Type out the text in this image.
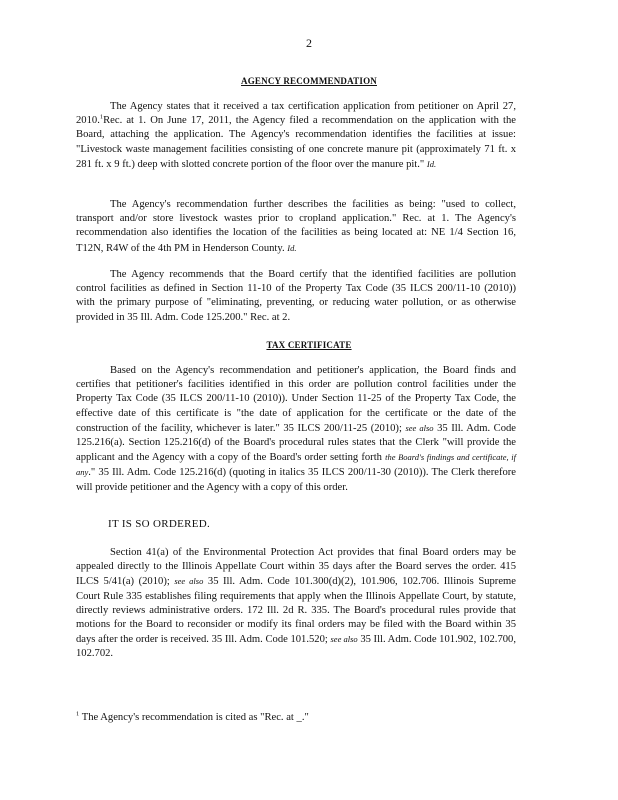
2
AGENCY RECOMMENDATION
The Agency states that it received a tax certification application from petitioner on April 27, 2010.$^1$Rec. at 1. On June 17, 2011, the Agency filed a recommendation on the application with the Board, attaching the application. The Agency's recommendation identifies the facilities at issue: "Livestock waste management facilities consisting of one concrete manure pit (approximately 71 ft. x 281 ft. x 9 ft.) deep with slotted concrete portion of the floor over the manure pit." Id.
The Agency's recommendation further describes the facilities as being: "used to collect, transport and/or store livestock wastes prior to cropland application." Rec. at 1. The Agency's recommendation also identifies the location of the facilities as being located at: NE 1/4 Section 16, T12N, R4W of the 4th PM in Henderson County. Id.
The Agency recommends that the Board certify that the identified facilities are pollution control facilities as defined in Section 11-10 of the Property Tax Code (35 ILCS 200/11-10 (2010)) with the primary purpose of "eliminating, preventing, or reducing water pollution, or as otherwise provided in 35 Ill. Adm. Code 125.200." Rec. at 2.
TAX CERTIFICATE
Based on the Agency's recommendation and petitioner's application, the Board finds and certifies that petitioner's facilities identified in this order are pollution control facilities under the Property Tax Code (35 ILCS 200/11-10 (2010)). Under Section 11-25 of the Property Tax Code, the effective date of this certificate is "the date of application for the certificate or the date of the construction of the facility, whichever is later." 35 ILCS 200/11-25 (2010); see also 35 Ill. Adm. Code 125.216(a). Section 125.216(d) of the Board's procedural rules states that the Clerk "will provide the applicant and the Agency with a copy of the Board's order setting forth the Board's findings and certificate, if any." 35 Ill. Adm. Code 125.216(d) (quoting in italics 35 ILCS 200/11-30 (2010)). The Clerk therefore will provide petitioner and the Agency with a copy of this order.
IT IS SO ORDERED.
Section 41(a) of the Environmental Protection Act provides that final Board orders may be appealed directly to the Illinois Appellate Court within 35 days after the Board serves the order. 415 ILCS 5/41(a) (2010); see also 35 Ill. Adm. Code 101.300(d)(2), 101.906, 102.706. Illinois Supreme Court Rule 335 establishes filing requirements that apply when the Illinois Appellate Court, by statute, directly reviews administrative orders. 172 Ill. 2d R. 335. The Board's procedural rules provide that motions for the Board to reconsider or modify its final orders may be filed with the Board within 35 days after the order is received. 35 Ill. Adm. Code 101.520; see also 35 Ill. Adm. Code 101.902, 102.700, 102.702.
$^1$ The Agency's recommendation is cited as "Rec. at _."
